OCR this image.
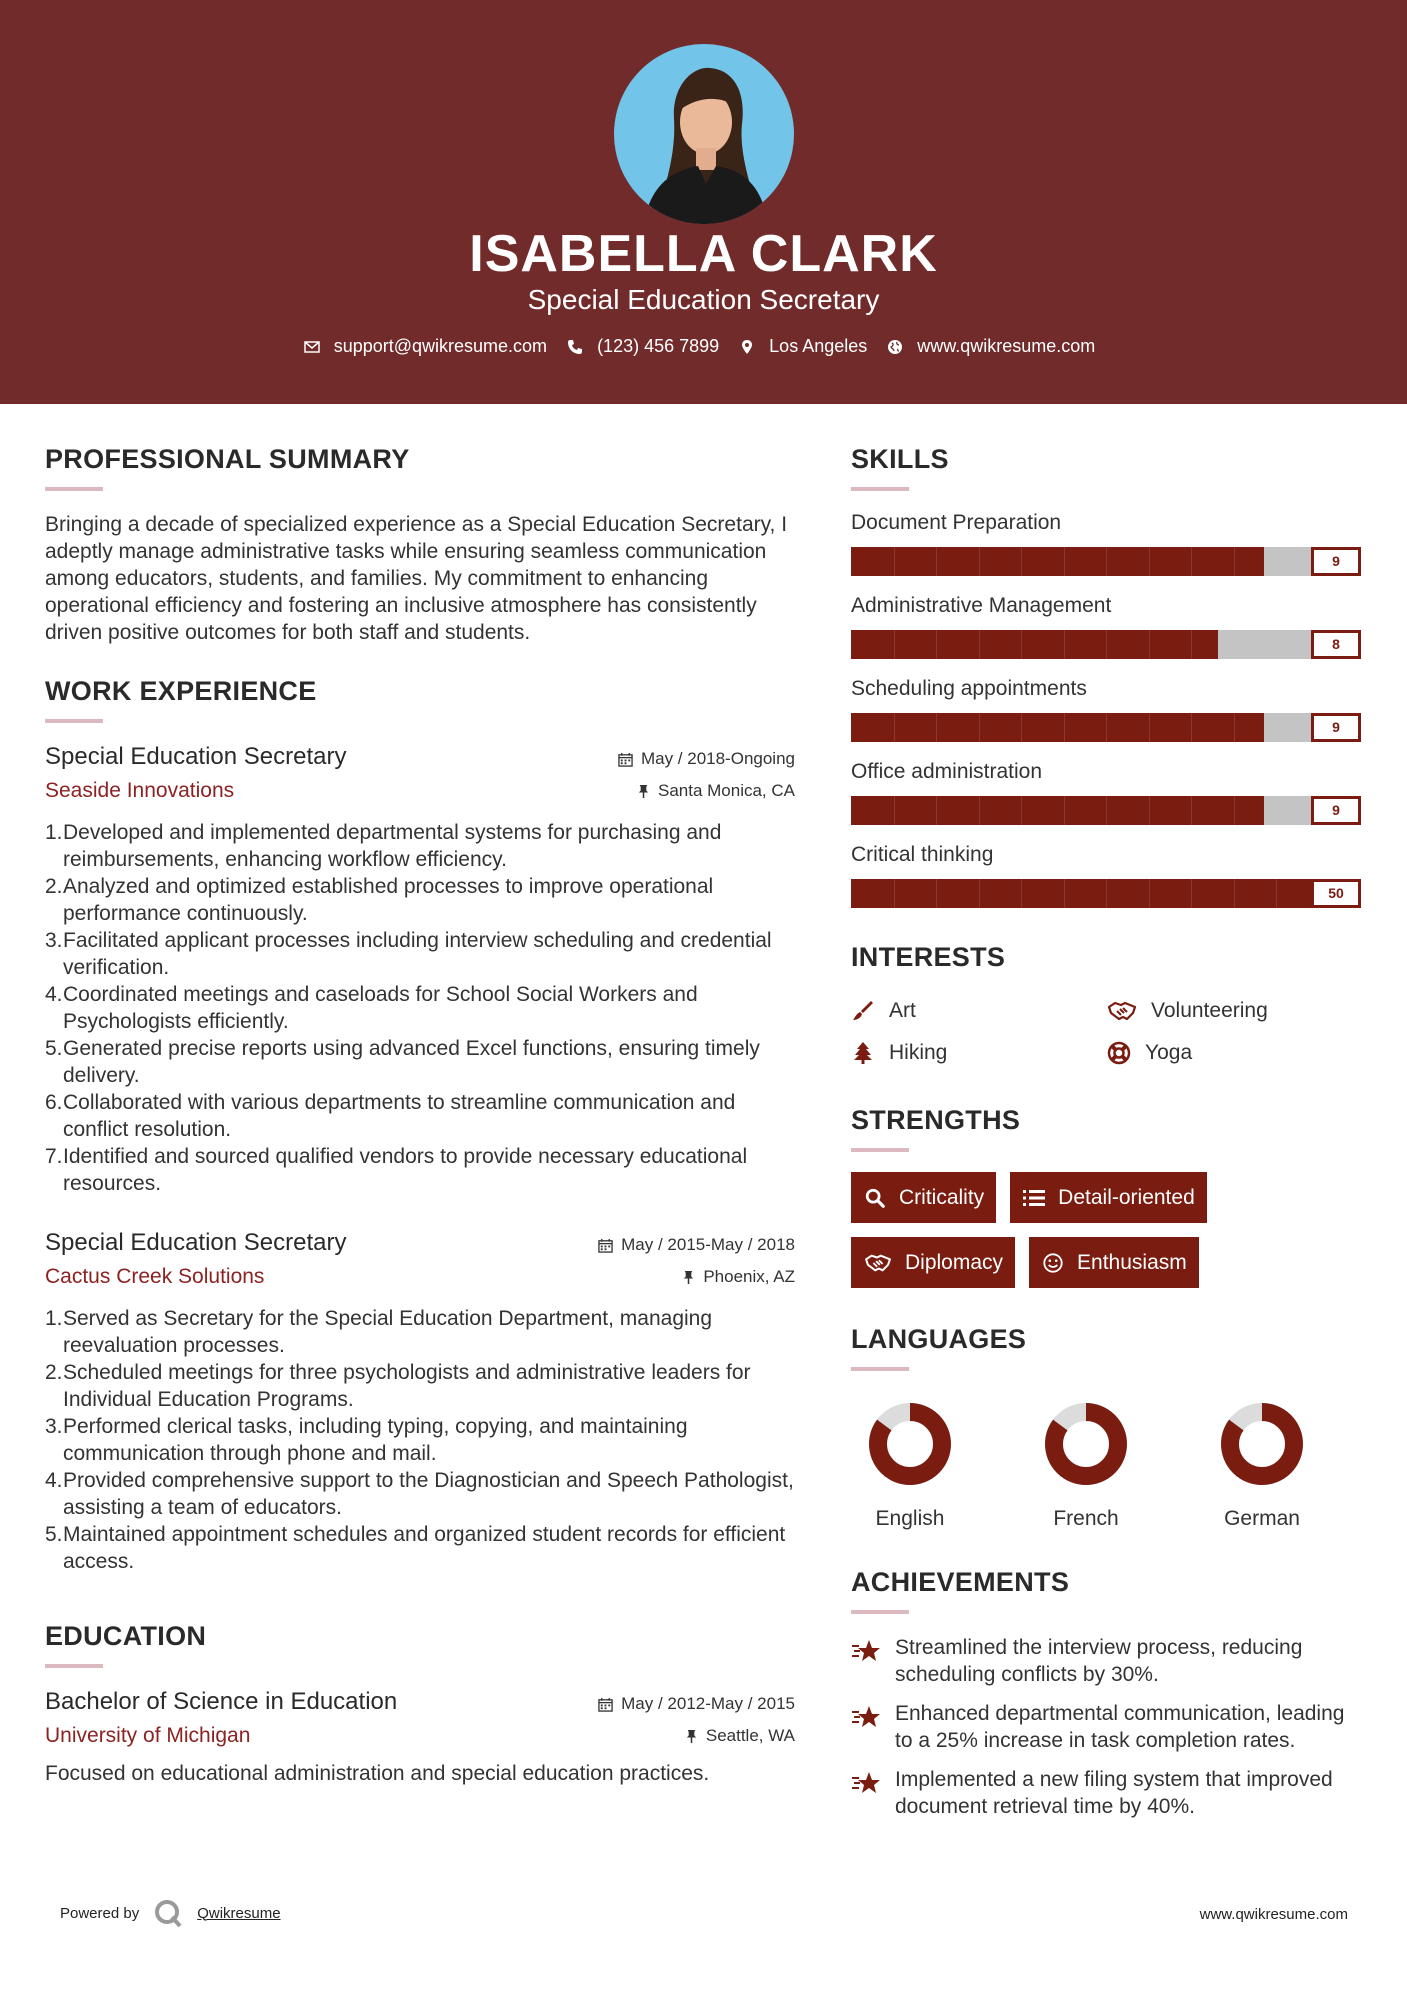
ISABELLA CLARK
Special Education Secretary
support@qwikresume.com	(123) 456 7899	Los Angeles	www.qwikresume.com
PROFESSIONAL SUMMARY

Bringing a decade of specialized experience as a Special Education Secretary, I adeptly manage administrative tasks while ensuring seamless communication among educators, students, and families. My commitment to enhancing operational efficiency and fostering an inclusive atmosphere has consistently driven positive outcomes for both staff and students.

WORK EXPERIENCE
Special Education Secretary	May / 2018-Ongoing
Seaside Innovations	Santa Monica, CA
1. Developed and implemented departmental systems for purchasing and reimbursements, enhancing workflow efficiency.
2. Analyzed and optimized established processes to improve operational performance continuously.
3. Facilitated applicant processes including interview scheduling and credential verification.
4. Coordinated meetings and caseloads for School Social Workers and Psychologists efficiently.
5. Generated precise reports using advanced Excel functions, ensuring timely delivery.
6. Collaborated with various departments to streamline communication and conflict resolution.
7. Identified and sourced qualified vendors to provide necessary educational resources.
Special Education Secretary	May / 2015-May / 2018
Cactus Creek Solutions	Phoenix, AZ
1. Served as Secretary for the Special Education Department, managing reevaluation processes.
2. Scheduled meetings for three psychologists and administrative leaders for Individual Education Programs.
3. Performed clerical tasks, including typing, copying, and maintaining communication through phone and mail.
4. Provided comprehensive support to the Diagnostician and Speech Pathologist, assisting a team of educators.
5. Maintained appointment schedules and organized student records for efficient access.
EDUCATION
Bachelor of Science in Education	May / 2012-May / 2015
University of Michigan	Seattle, WA

Focused on educational administration and special education practices.

SKILLS
Document Preparation
9
Administrative Management
8
Scheduling appointments
9
Office administration
9
Critical thinking
50
INTERESTS
Art	Volunteering
Hiking	Yoga
STRENGTHS
Criticality	Detail-oriented
Diplomacy	Enthusiasm
LANGUAGES
English	French	German
ACHIEVEMENTS
Streamlined the interview process, reducing scheduling conflicts by 30%.
Enhanced departmental communication, leading to a 25% increase in task completion rates.
Implemented a new filing system that improved document retrieval time by 40%.
Powered by	Qwikresume	www.qwikresume.com
